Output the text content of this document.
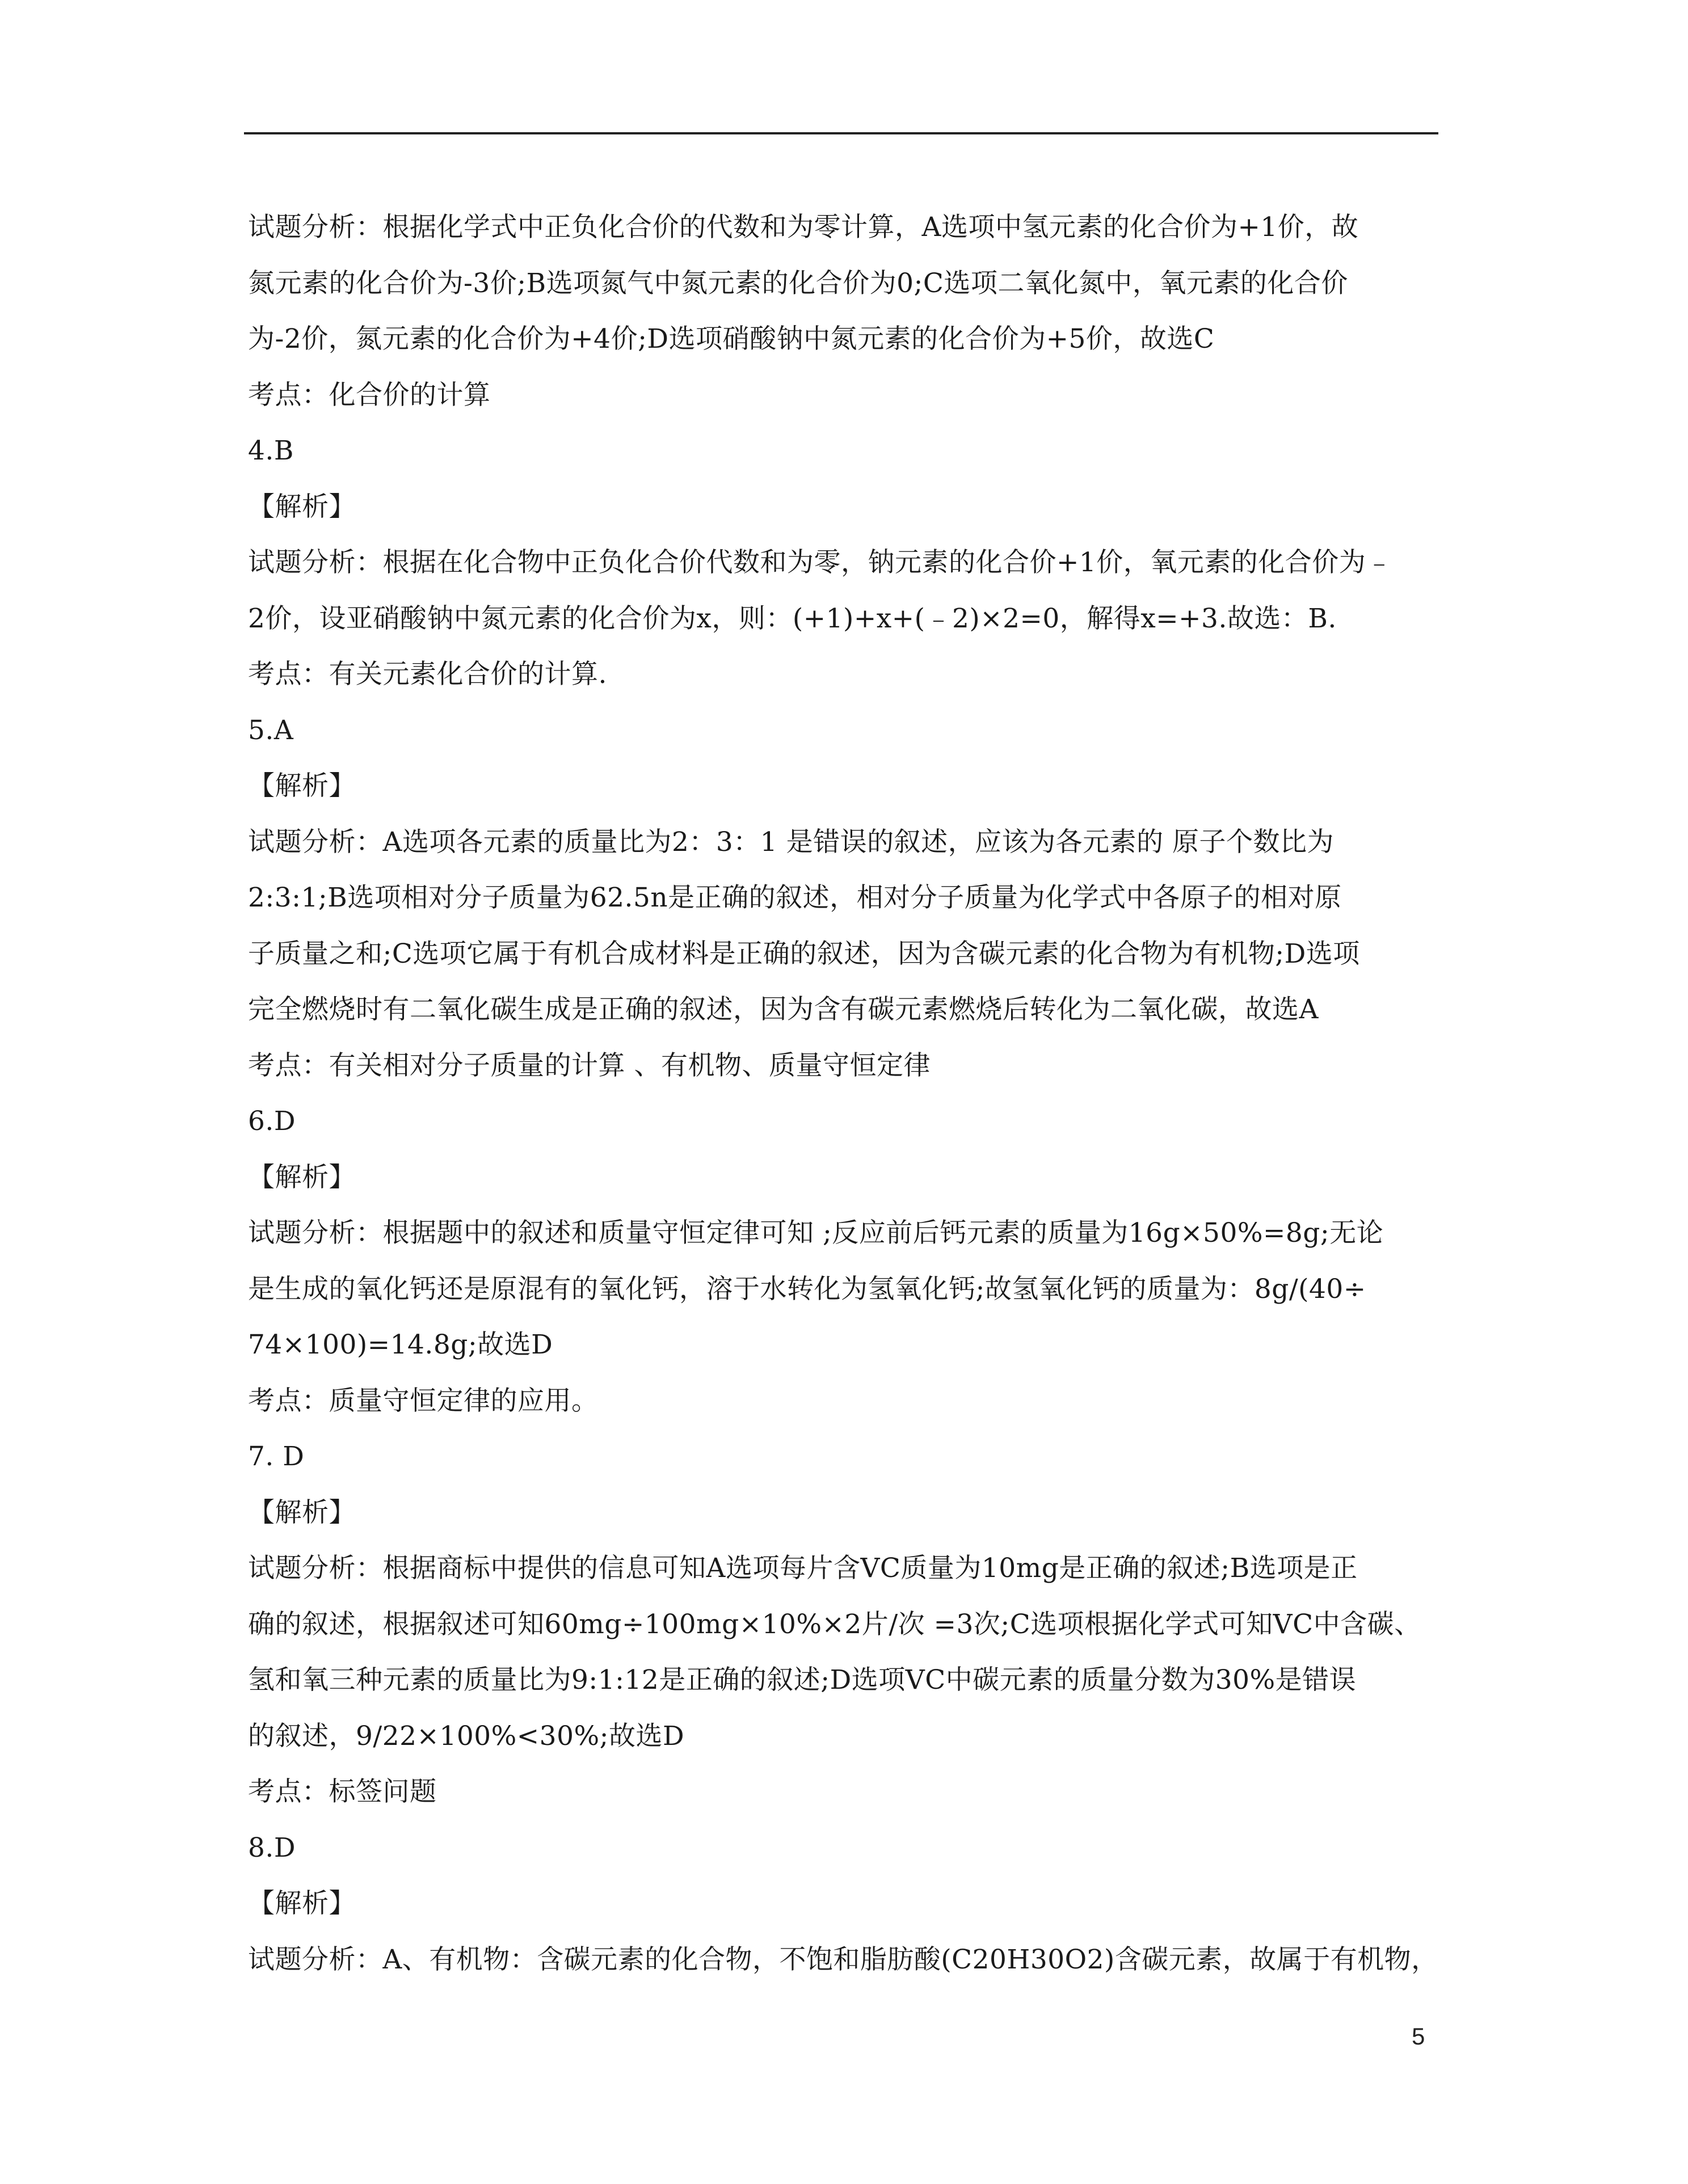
试题分析：根据化学式中正负化合价的代数和为零计算，A选项中氢元素的化合价为+1价，故
氮元素的化合价为-3价;B选项氮气中氮元素的化合价为0;C选项二氧化氮中，氧元素的化合价
为-2价，氮元素的化合价为+4价;D选项硝酸钠中氮元素的化合价为+5价，故选C
考点：化合价的计算
4.B
【解析】
试题分析：根据在化合物中正负化合价代数和为零，钠元素的化合价+1价，氧元素的化合价为﹣
2价，设亚硝酸钠中氮元素的化合价为x，则：(+1)+x+(﹣2)×2=0，解得x=+3.故选：B.
考点：有关元素化合价的计算.
5.A
【解析】
试题分析：A选项各元素的质量比为2：3：1 是错误的叙述，应该为各元素的 原子个数比为
2:3:1;B选项相对分子质量为62.5n是正确的叙述，相对分子质量为化学式中各原子的相对原
子质量之和;C选项它属于有机合成材料是正确的叙述，因为含碳元素的化合物为有机物;D选项
完全燃烧时有二氧化碳生成是正确的叙述，因为含有碳元素燃烧后转化为二氧化碳，故选A
考点：有关相对分子质量的计算 、有机物、质量守恒定律
6.D
【解析】
试题分析：根据题中的叙述和质量守恒定律可知 ;反应前后钙元素的质量为16g×50%=8g;无论
是生成的氧化钙还是原混有的氧化钙，溶于水转化为氢氧化钙;故氢氧化钙的质量为：8g/(40÷
74×100)=14.8g;故选D
考点：质量守恒定律的应用。
7. D
【解析】
试题分析：根据商标中提供的信息可知A选项每片含VC质量为10mg是正确的叙述;B选项是正
确的叙述，根据叙述可知60mg÷100mg×10%×2片/次 =3次;C选项根据化学式可知VC中含碳、
氢和氧三种元素的质量比为9:1:12是正确的叙述;D选项VC中碳元素的质量分数为30%是错误
的叙述，9/22×100%<30%;故选D
考点：标签问题
8.D
【解析】
试题分析：A、有机物：含碳元素的化合物，不饱和脂肪酸(C20H30O2)含碳元素，故属于有机物，
5
